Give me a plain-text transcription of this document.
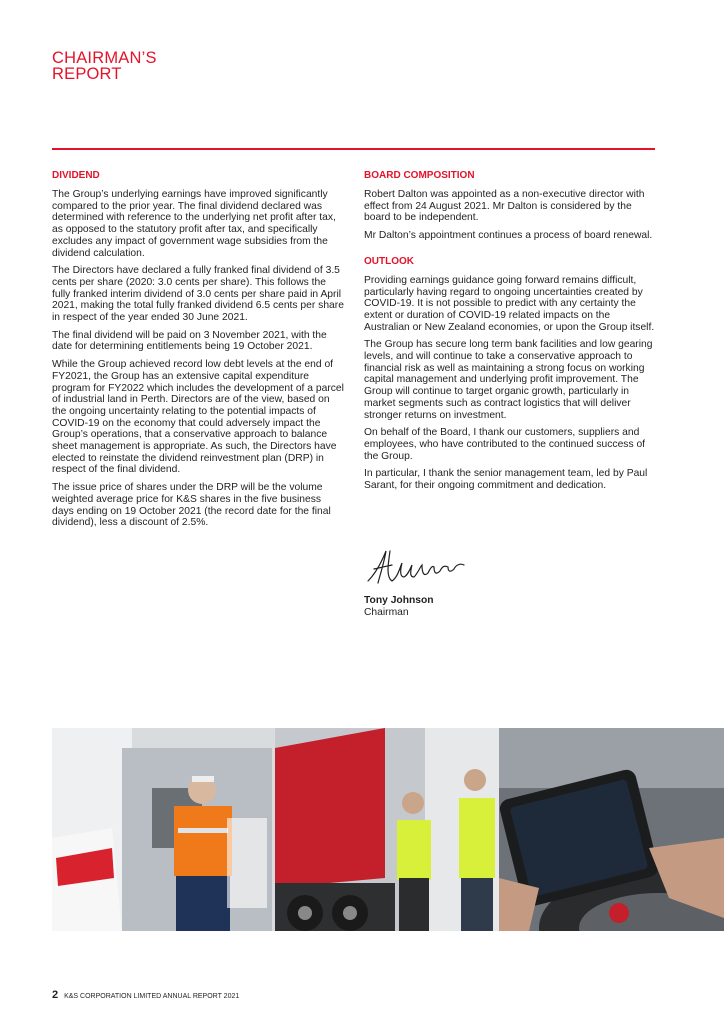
CHAIRMAN’S
REPORT
DIVIDEND

The Group’s underlying earnings have improved significantly compared to the prior year. The final dividend declared was determined with reference to the underlying net profit after tax, as opposed to the statutory profit after tax, and specifically excludes any impact of government wage subsidies from the dividend calculation.

The Directors have declared a fully franked final dividend of 3.5 cents per share (2020: 3.0 cents per share). This follows the fully franked interim dividend of 3.0 cents per share paid in April 2021, making the total fully franked dividend 6.5 cents per share in respect of the year ended 30 June 2021.

The final dividend will be paid on 3 November 2021, with the date for determining entitlements being 19 October 2021.

While the Group achieved record low debt levels at the end of FY2021, the Group has an extensive capital expenditure program for FY2022 which includes the development of a parcel of industrial land in Perth. Directors are of the view, based on the ongoing uncertainty relating to the potential impacts of COVID-19 on the economy that could adversely impact the Group’s operations, that a conservative approach to balance sheet management is appropriate. As such, the Directors have elected to reinstate the dividend reinvestment plan (DRP) in respect of the final dividend.

The issue price of shares under the DRP will be the volume weighted average price for K&S shares in the five business days ending on 19 October 2021 (the record date for the final dividend), less a discount of 2.5%.

BOARD COMPOSITION

Robert Dalton was appointed as a non-executive director with effect from 24 August 2021. Mr Dalton is considered by the board to be independent.

Mr Dalton’s appointment continues a process of board renewal.

OUTLOOK

Providing earnings guidance going forward remains difficult, particularly having regard to ongoing uncertainties created by COVID-19. It is not possible to predict with any certainty the extent or duration of COVID-19 related impacts on the Australian or New Zealand economies, or upon the Group itself.

The Group has secure long term bank facilities and low gearing levels, and will continue to take a conservative approach to financial risk as well as maintaining a strong focus on working capital management and underlying profit improvement. The Group will continue to target organic growth, particularly in market segments such as contract logistics that will deliver stronger returns on investment.

On behalf of the Board, I thank our customers, suppliers and employees, who have contributed to the continued success of the Group.

In particular, I thank the senior management team, led by Paul Sarant, for their ongoing commitment and dedication.

Tony Johnson
Chairman
2 K&S CORPORATION LIMITED ANNUAL REPORT 2021
